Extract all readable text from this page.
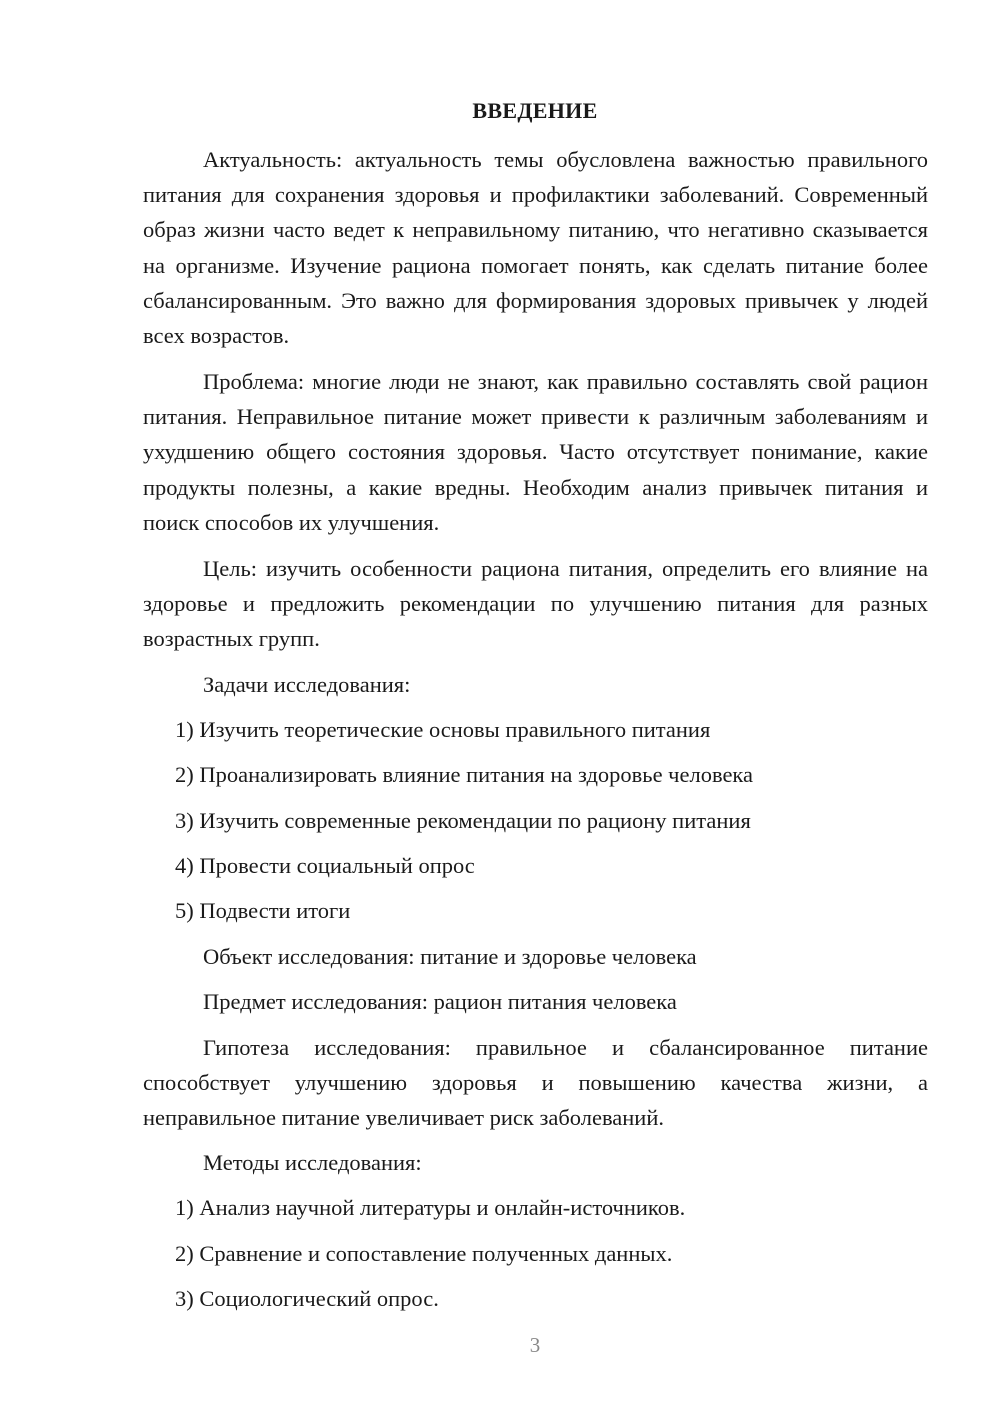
ВВЕДЕНИЕ

Актуальность: актуальность темы обусловлена важностью правильного питания для сохранения здоровья и профилактики заболеваний. Современный образ жизни часто ведет к неправильному питанию, что негативно сказывается на организме. Изучение рациона помогает понять, как сделать питание более сбалансированным. Это важно для формирования здоровых привычек у людей всех возрастов.

Проблема: многие люди не знают, как правильно составлять свой рацион питания. Неправильное питание может привести к различным заболеваниям и ухудшению общего состояния здоровья. Часто отсутствует понимание, какие продукты полезны, а какие вредны. Необходим анализ привычек питания и поиск способов их улучшения.

Цель: изучить особенности рациона питания, определить его влияние на здоровье и предложить рекомендации по улучшению питания для разных возрастных групп.

Задачи исследования:
1) Изучить теоретические основы правильного питания
2) Проанализировать влияние питания на здоровье человека
3) Изучить современные рекомендации по рациону питания
4) Провести социальный опрос
5) Подвести итоги
Объект исследования: питание и здоровье человека
Предмет исследования: рацион питания человека

Гипотеза исследования: правильное и сбалансированное питание способствует улучшению здоровья и повышению качества жизни, а неправильное питание увеличивает риск заболеваний.

Методы исследования:
1) Анализ научной литературы и онлайн-источников.
2) Сравнение и сопоставление полученных данных.
3) Социологический опрос.
3
